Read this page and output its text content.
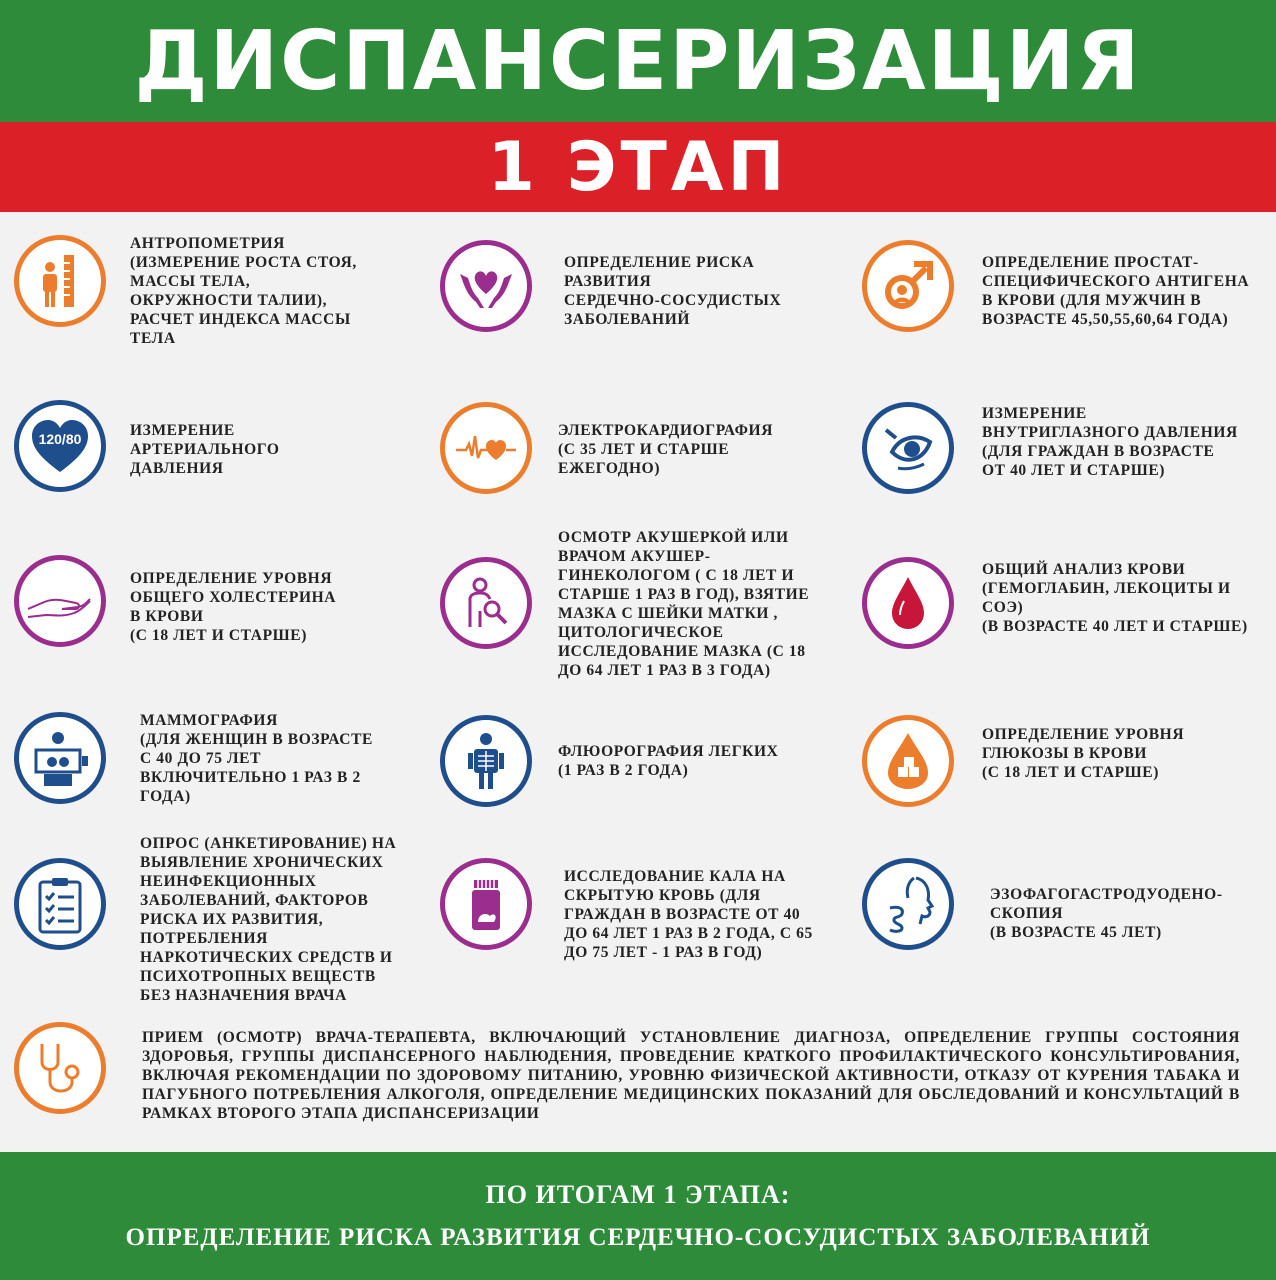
ДИСПАНСЕРИЗАЦИЯ
1 ЭТАП
АНТРОПОМЕТРИЯ
(ИЗМЕРЕНИЕ РОСТА СТОЯ,
МАССЫ ТЕЛА,
ОКРУЖНОСТИ ТАЛИИ),
РАСЧЕТ ИНДЕКСА МАССЫ
ТЕЛА
ОПРЕДЕЛЕНИЕ РИСКА
РАЗВИТИЯ
СЕРДЕЧНО-СОСУДИСТЫХ
ЗАБОЛЕВАНИЙ
ОПРЕДЕЛЕНИЕ ПРОСТАТ-
СПЕЦИФИЧЕСКОГО АНТИГЕНА
В КРОВИ (ДЛЯ МУЖЧИН В
ВОЗРАСТЕ 45,50,55,60,64 ГОДА)
120/80	ИЗМЕРЕНИЕ
АРТЕРИАЛЬНОГО
ДАВЛЕНИЯ
ЭЛЕКТРОКАРДИОГРАФИЯ
(С 35 ЛЕТ И СТАРШЕ
ЕЖЕГОДНО)
ИЗМЕРЕНИЕ
ВНУТРИГЛАЗНОГО ДАВЛЕНИЯ
(ДЛЯ ГРАЖДАН В ВОЗРАСТЕ
ОТ 40 ЛЕТ И СТАРШЕ)
ОПРЕДЕЛЕНИЕ УРОВНЯ
ОБЩЕГО ХОЛЕСТЕРИНА
В КРОВИ
(С 18 ЛЕТ И СТАРШЕ)
ОСМОТР АКУШЕРКОЙ ИЛИ
ВРАЧОМ АКУШЕР-
ГИНЕКОЛОГОМ ( С 18 ЛЕТ И
СТАРШЕ 1 РАЗ В ГОД), ВЗЯТИЕ
МАЗКА С ШЕЙКИ МАТКИ ,
ЦИТОЛОГИЧЕСКОЕ
ИССЛЕДОВАНИЕ МАЗКА (С 18
ДО 64 ЛЕТ 1 РАЗ В 3 ГОДА)
ОБЩИЙ АНАЛИЗ КРОВИ
(ГЕМОГЛАБИН, ЛЕКОЦИТЫ И
СОЭ)
(В ВОЗРАСТЕ 40 ЛЕТ И СТАРШЕ)
МАММОГРАФИЯ
(ДЛЯ ЖЕНЩИН В ВОЗРАСТЕ
С 40 ДО 75 ЛЕТ
ВКЛЮЧИТЕЛЬНО 1 РАЗ В 2
ГОДА)
ФЛЮОРОГРАФИЯ ЛЕГКИХ
(1 РАЗ В 2 ГОДА)
ОПРЕДЕЛЕНИЕ УРОВНЯ
ГЛЮКОЗЫ В КРОВИ
(С 18 ЛЕТ И СТАРШЕ)
ОПРОС (АНКЕТИРОВАНИЕ) НА
ВЫЯВЛЕНИЕ ХРОНИЧЕСКИХ
НЕИНФЕКЦИОННЫХ
ЗАБОЛЕВАНИЙ, ФАКТОРОВ
РИСКА ИХ РАЗВИТИЯ,
ПОТРЕБЛЕНИЯ
НАРКОТИЧЕСКИХ СРЕДСТВ И
ПСИХОТРОПНЫХ ВЕЩЕСТВ
БЕЗ НАЗНАЧЕНИЯ ВРАЧА
ИССЛЕДОВАНИЕ КАЛА НА
СКРЫТУЮ КРОВЬ (ДЛЯ
ГРАЖДАН В ВОЗРАСТЕ ОТ 40
ДО 64 ЛЕТ 1 РАЗ В 2 ГОДА, С 65
ДО 75 ЛЕТ - 1 РАЗ В ГОД)
ЭЗОФАГОГАСТРОДУОДЕНО-
СКОПИЯ
(В ВОЗРАСТЕ 45 ЛЕТ)
ПРИЕМ (ОСМОТР) ВРАЧА-ТЕРАПЕВТА, ВКЛЮЧАЮЩИЙ УСТАНОВЛЕНИЕ ДИАГНОЗА, ОПРЕДЕЛЕНИЕ ГРУППЫ СОСТОЯНИЯ ЗДОРОВЬЯ, ГРУППЫ ДИСПАНСЕРНОГО НАБЛЮДЕНИЯ, ПРОВЕДЕНИЕ КРАТКОГО ПРОФИЛАКТИЧЕСКОГО КОНСУЛЬТИРОВАНИЯ, ВКЛЮЧАЯ РЕКОМЕНДАЦИИ ПО ЗДОРОВОМУ ПИТАНИЮ, УРОВНЮ ФИЗИЧЕСКОЙ АКТИВНОСТИ, ОТКАЗУ ОТ КУРЕНИЯ ТАБАКА И ПАГУБНОГО ПОТРЕБЛЕНИЯ АЛКОГОЛЯ, ОПРЕДЕЛЕНИЕ МЕДИЦИНСКИХ ПОКАЗАНИЙ ДЛЯ ОБСЛЕДОВАНИЙ И КОНСУЛЬТАЦИЙ В РАМКАХ ВТОРОГО ЭТАПА ДИСПАНСЕРИЗАЦИИ
ПО ИТОГАМ 1 ЭТАПА:
ОПРЕДЕЛЕНИЕ РИСКА РАЗВИТИЯ СЕРДЕЧНО-СОСУДИСТЫХ ЗАБОЛЕВАНИЙ
